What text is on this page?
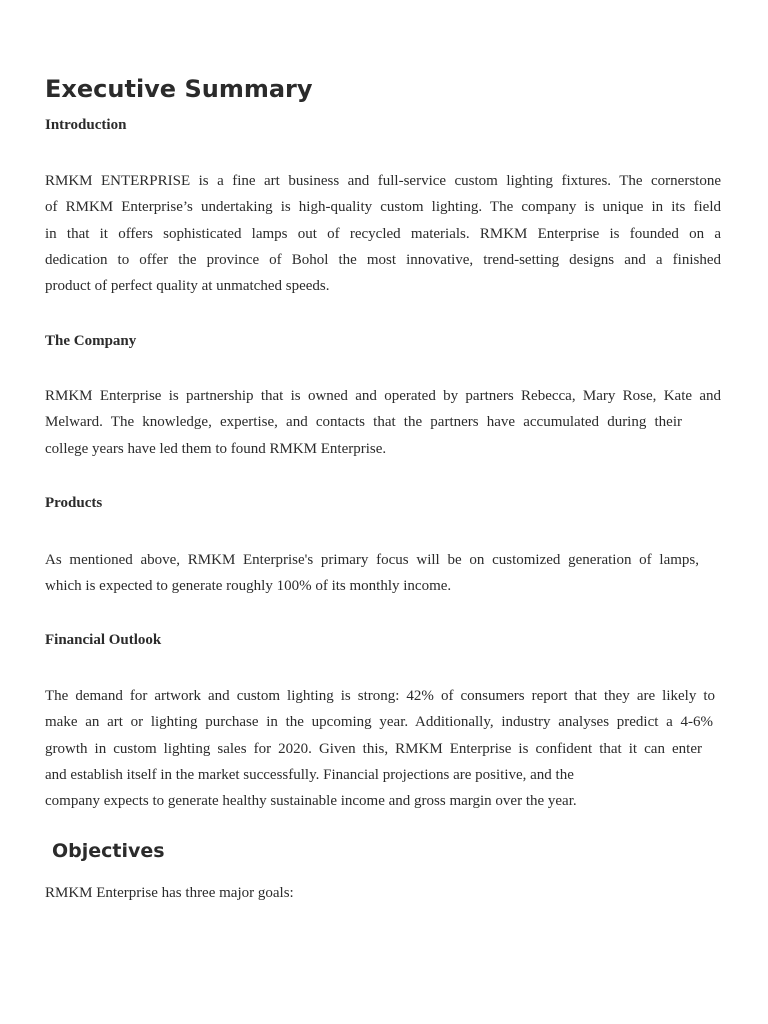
Executive Summary
Introduction
RMKM ENTERPRISE is a fine art business and full-service custom lighting fixtures. The cornerstone
of RMKM Enterprise’s undertaking is high-quality custom lighting. The company is unique in its field
in that it offers sophisticated lamps out of recycled materials. RMKM Enterprise is founded on a
dedication to offer the province of Bohol the most innovative, trend-setting designs and a finished
product of perfect quality at unmatched speeds.
The Company
RMKM Enterprise is partnership that is owned and operated by partners Rebecca, Mary Rose, Kate and
Melward. The knowledge, expertise, and contacts that the partners have accumulated during their
college years have led them to found RMKM Enterprise.
Products
As mentioned above, RMKM Enterprise's primary focus will be on customized generation of lamps,
which is expected to generate roughly 100% of its monthly income.
Financial Outlook
The demand for artwork and custom lighting is strong: 42% of consumers report that they are likely to
make an art or lighting purchase in the upcoming year. Additionally, industry analyses predict a 4-6%
growth in custom lighting sales for 2020. Given this, RMKM Enterprise is confident that it can enter
and establish itself in the market successfully. Financial projections are positive, and the
company expects to generate healthy sustainable income and gross margin over the year.
Objectives
RMKM Enterprise has three major goals:
